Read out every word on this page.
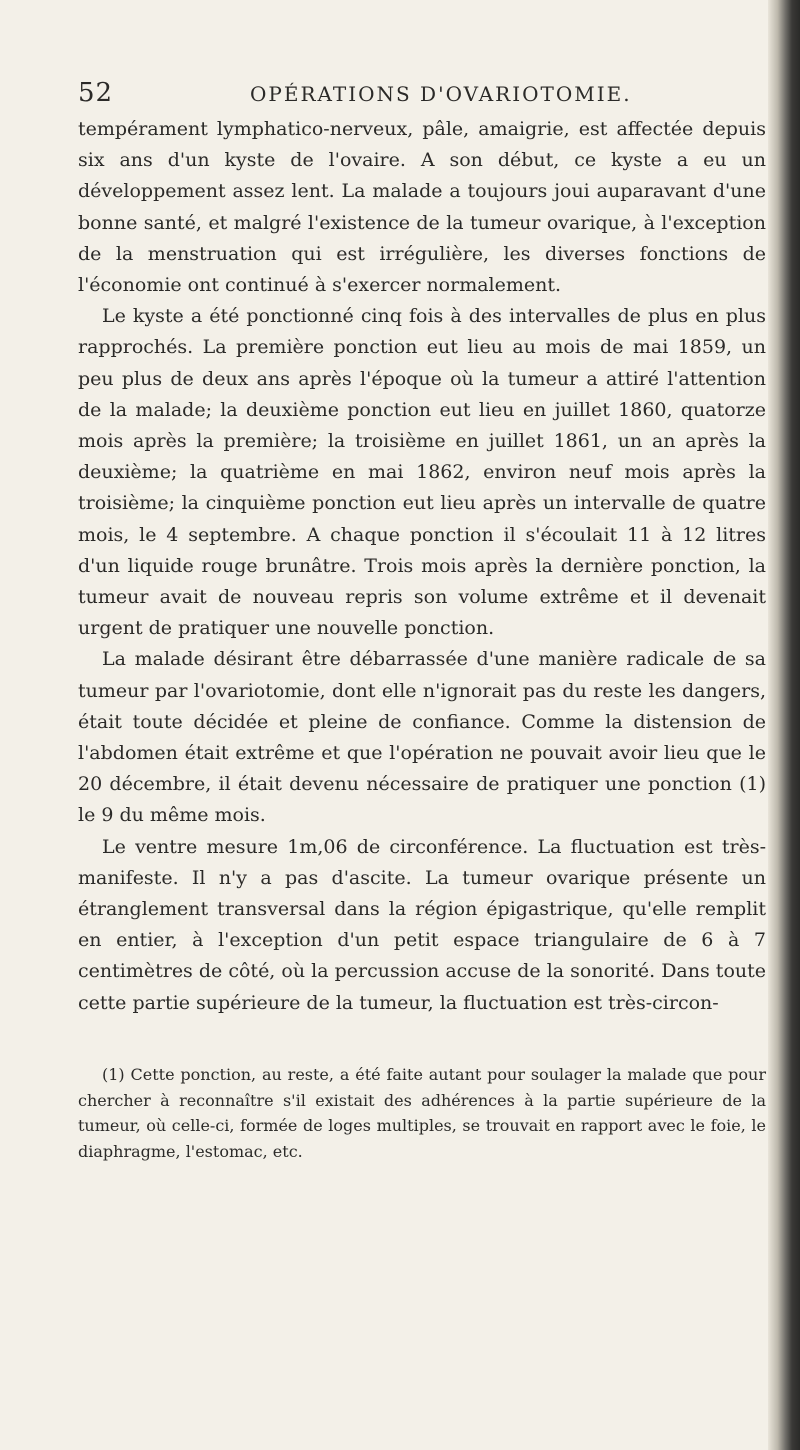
52	OPÉRATIONS D'OVARIOTOMIE.

tempérament lymphatico-nerveux, pâle, amaigrie, est affectée depuis six ans d'un kyste de l'ovaire. A son début, ce kyste a eu un développement assez lent. La malade a toujours joui auparavant d'une bonne santé, et malgré l'existence de la tumeur ovarique, à l'exception de la menstruation qui est irrégulière, les diverses fonctions de l'économie ont continué à s'exercer normalement.

Le kyste a été ponctionné cinq fois à des intervalles de plus en plus rapprochés. La première ponction eut lieu au mois de mai 1859, un peu plus de deux ans après l'époque où la tumeur a attiré l'attention de la malade; la deuxième ponction eut lieu en juillet 1860, quatorze mois après la première; la troisième en juillet 1861, un an après la deuxième; la quatrième en mai 1862, environ neuf mois après la troisième; la cinquième ponction eut lieu après un intervalle de quatre mois, le 4 septembre. A chaque ponction il s'écoulait 11 à 12 litres d'un liquide rouge brunâtre. Trois mois après la dernière ponction, la tumeur avait de nouveau repris son volume extrême et il devenait urgent de pratiquer une nouvelle ponction.

La malade désirant être débarrassée d'une manière radicale de sa tumeur par l'ovariotomie, dont elle n'ignorait pas du reste les dangers, était toute décidée et pleine de confiance. Comme la distension de l'abdomen était extrême et que l'opération ne pouvait avoir lieu que le 20 décembre, il était devenu nécessaire de pratiquer une ponction (1) le 9 du même mois.

Le ventre mesure 1m,06 de circonférence. La fluctuation est très-manifeste. Il n'y a pas d'ascite. La tumeur ovarique présente un étranglement transversal dans la région épigastrique, qu'elle remplit en entier, à l'exception d'un petit espace triangulaire de 6 à 7 centimètres de côté, où la percussion accuse de la sonorité. Dans toute cette partie supérieure de la tumeur, la fluctuation est très-circon-

(1) Cette ponction, au reste, a été faite autant pour soulager la malade que pour chercher à reconnaître s'il existait des adhérences à la partie supérieure de la tumeur, où celle-ci, formée de loges multiples, se trouvait en rapport avec le foie, le diaphragme, l'estomac, etc.
